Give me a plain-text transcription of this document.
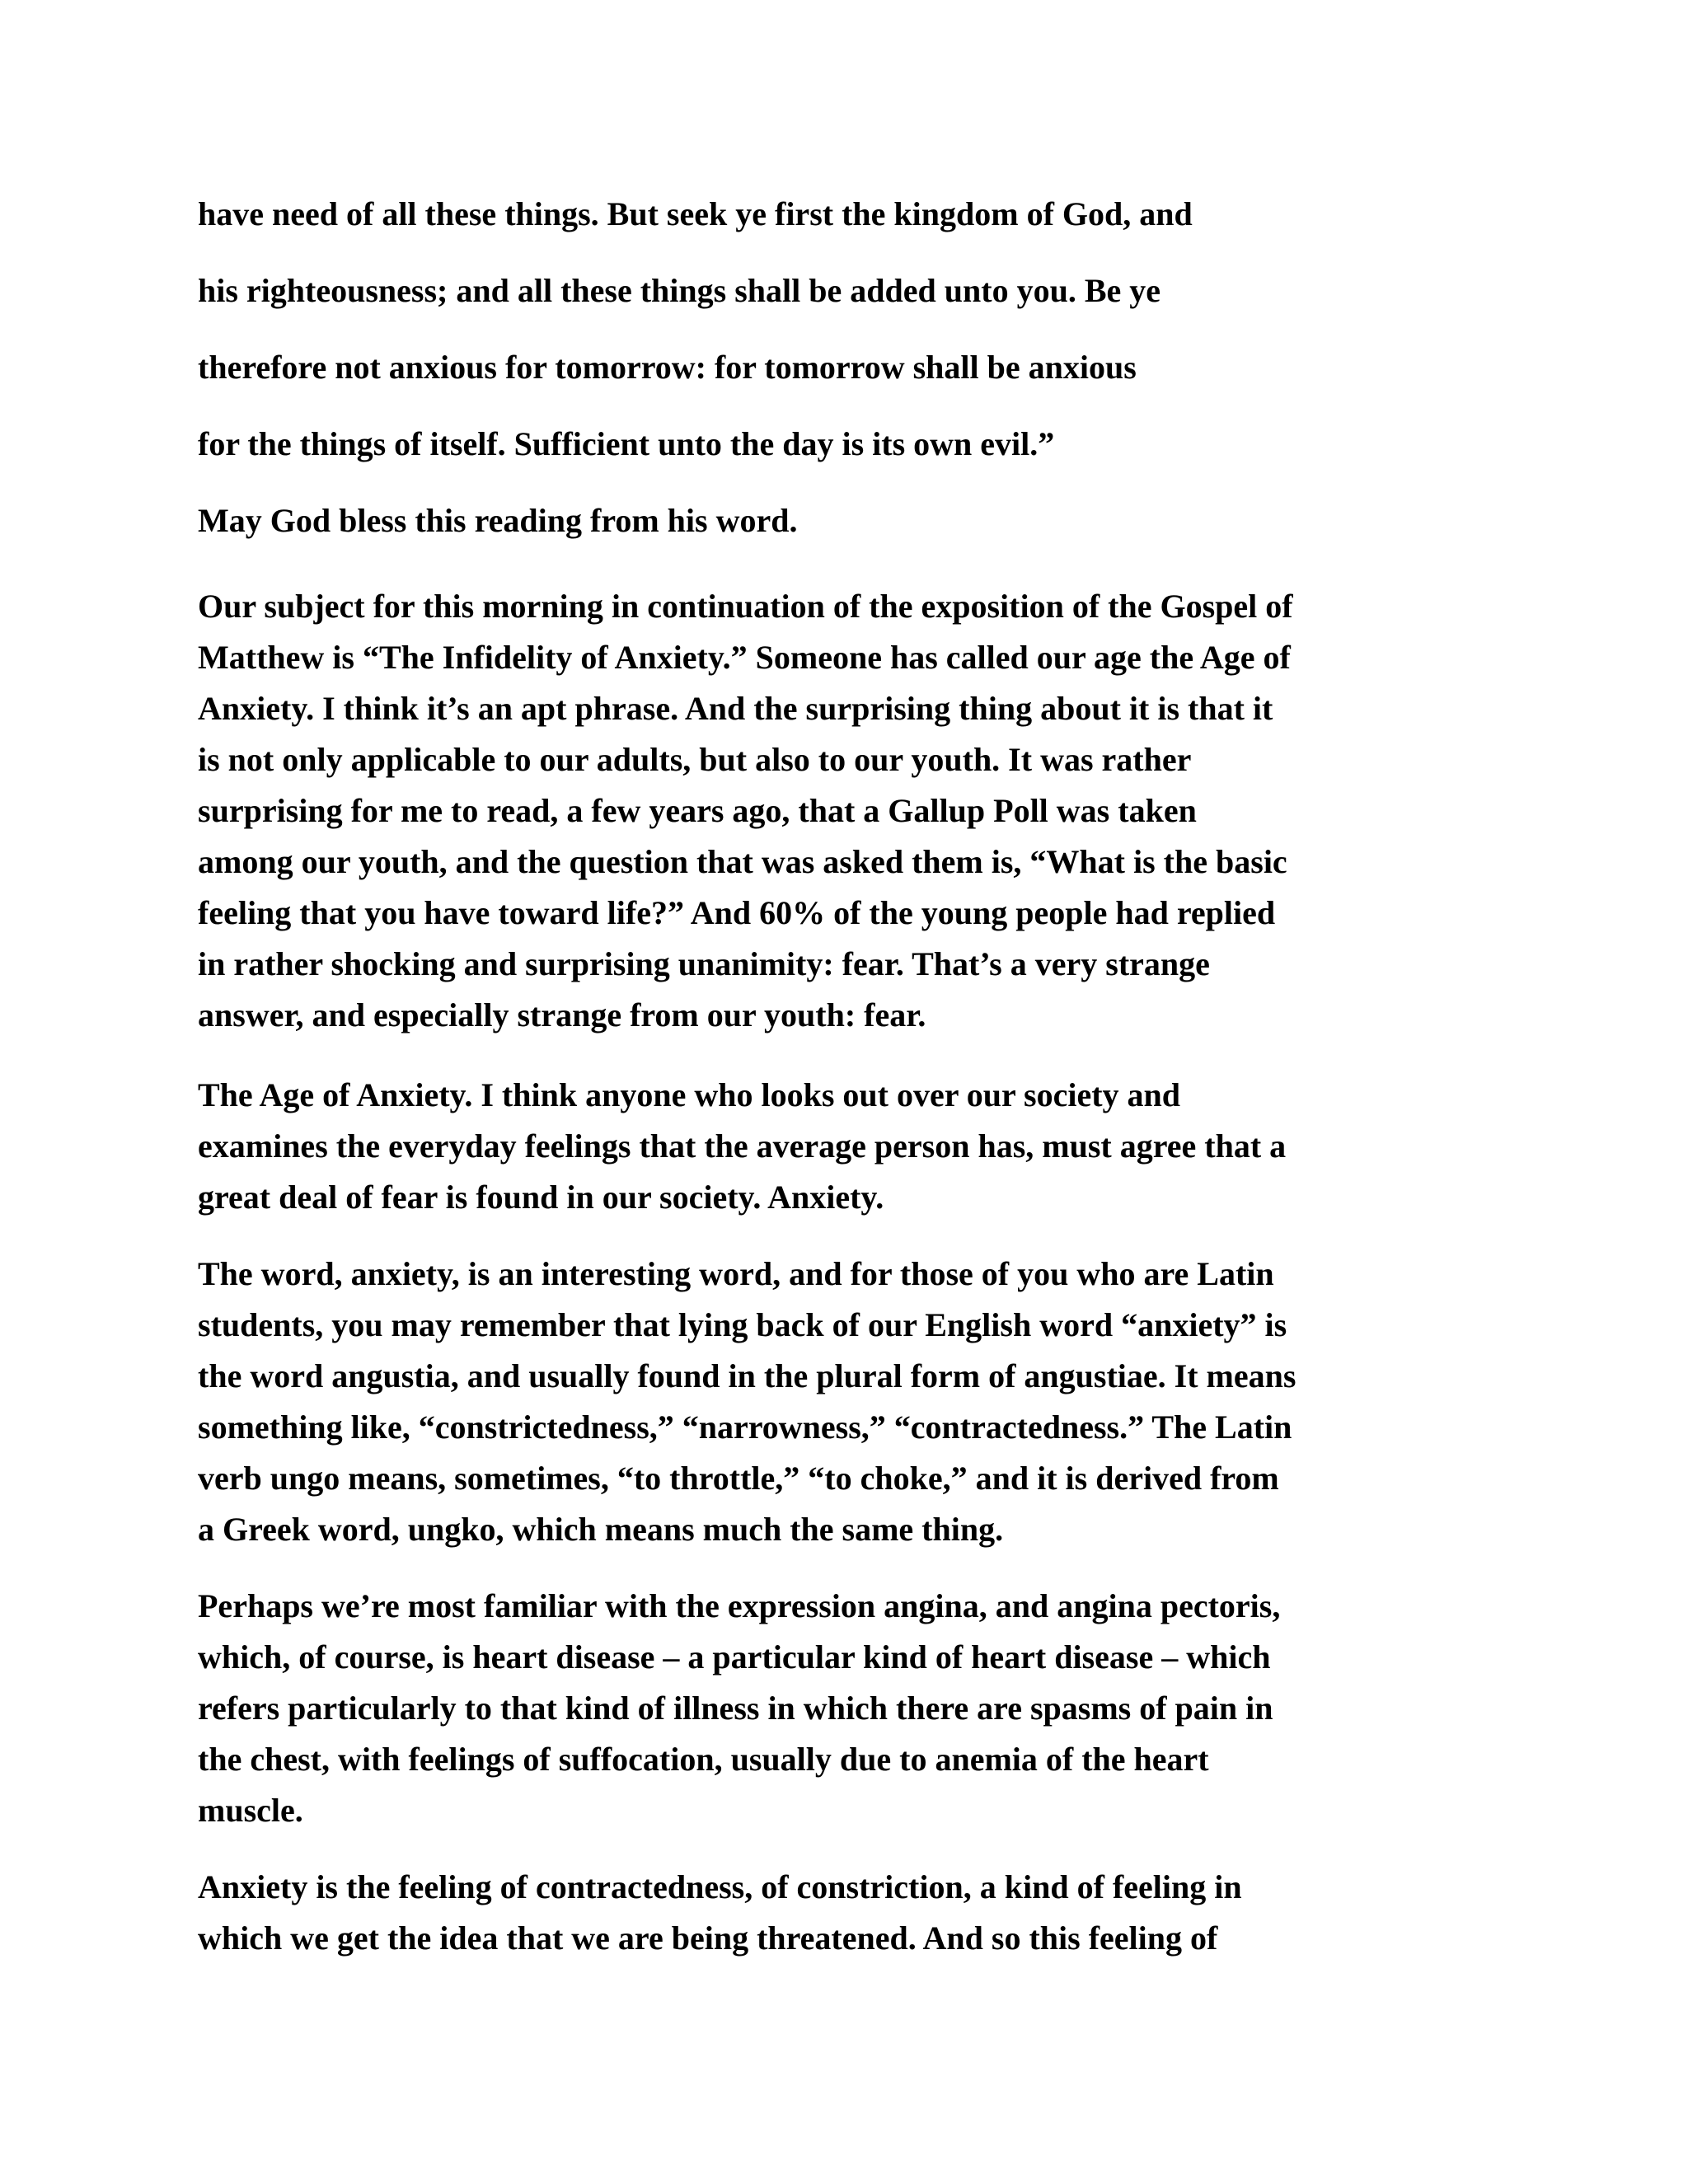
have need of all these things. But seek ye first the kingdom of God, and
his righteousness; and all these things shall be added unto you. Be ye
therefore not anxious for tomorrow: for tomorrow shall be anxious
for the things of itself. Sufficient unto the day is its own evil.”
May God bless this reading from his word.
Our subject for this morning in continuation of the exposition of the Gospel of
Matthew is “The Infidelity of Anxiety.” Someone has called our age the Age of
Anxiety. I think it’s an apt phrase. And the surprising thing about it is that it
is not only applicable to our adults, but also to our youth. It was rather
surprising for me to read, a few years ago, that a Gallup Poll was taken
among our youth, and the question that was asked them is, “What is the basic
feeling that you have toward life?” And 60% of the young people had replied
in rather shocking and surprising unanimity: fear. That’s a very strange
answer, and especially strange from our youth: fear.
The Age of Anxiety. I think anyone who looks out over our society and
examines the everyday feelings that the average person has, must agree that a
great deal of fear is found in our society. Anxiety.
The word, anxiety, is an interesting word, and for those of you who are Latin
students, you may remember that lying back of our English word “anxiety” is
the word angustia, and usually found in the plural form of angustiae. It means
something like, “constrictedness,” “narrowness,” “contractedness.” The Latin
verb ungo means, sometimes, “to throttle,” “to choke,” and it is derived from
a Greek word, ungko, which means much the same thing.
Perhaps we’re most familiar with the expression angina, and angina pectoris,
which, of course, is heart disease – a particular kind of heart disease – which
refers particularly to that kind of illness in which there are spasms of pain in
the chest, with feelings of suffocation, usually due to anemia of the heart
muscle.
Anxiety is the feeling of contractedness, of constriction, a kind of feeling in
which we get the idea that we are being threatened. And so this feeling of
